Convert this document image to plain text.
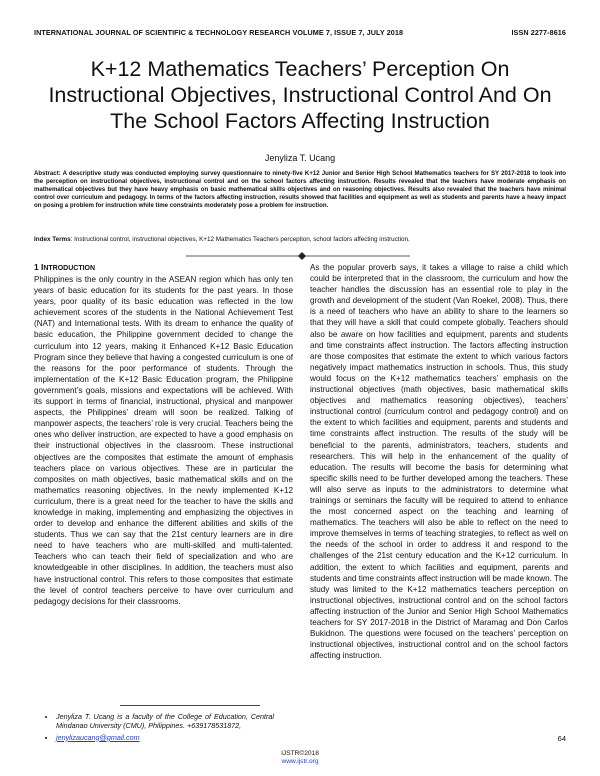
INTERNATIONAL JOURNAL OF SCIENTIFIC & TECHNOLOGY RESEARCH VOLUME 7, ISSUE 7, JULY 2018	ISSN 2277-8616
K+12 Mathematics Teachers’ Perception On Instructional Objectives, Instructional Control And On The School Factors Affecting Instruction
Jenyliza T. Ucang
Abstract: A descriptive study was conducted employing survey questionnaire to ninety-five K+12 Junior and Senior High School Mathematics teachers for SY 2017-2018 to look into the perception on instructional objectives, instructional control and on the school factors affecting instruction. Results revealed that the teachers have moderate emphasis on mathematical objectives but they have heavy emphasis on basic mathematical skills objectives and on reasoning objectives. Results also revealed that the teachers have minimal control over curriculum and pedagogy. In terms of the factors affecting instruction, results showed that facilities and equipment as well as students and parents have a heavy impact on posing a problem for instruction while time constraints moderately pose a problem for instruction.
Index Terms: Instructional control, instructional objectives, K+12 Mathematics Teachers perception, school factors affecting instruction.
1 INTRODUCTION

Philippines is the only country in the ASEAN region which has only ten years of basic education for its students for the past years. In those years, poor quality of its basic education was reflected in the low achievement scores of the students in the National Achievement Test (NAT) and International tests. With its dream to enhance the quality of basic education, the Philippine government decided to change the curriculum into 12 years, making it Enhanced K+12 Basic Education Program since they believe that having a congested curriculum is one of the reasons for the poor performance of students. Through the implementation of the K+12 Basic Education program, the Philippine government’s goals, missions and expectations will be achieved. With its support in terms of financial, instructional, physical and manpower aspects, the Philippines’ dream will soon be realized. Talking of manpower aspects, the teachers’ role is very crucial. Teachers being the ones who deliver instruction, are expected to have a good emphasis on their instructional objectives in the classroom. These instructional objectives are the composites that estimate the amount of emphasis teachers place on various objectives. These are in particular the composites on math objectives, basic mathematical skills and on the mathematics reasoning objectives. In the newly implemented K+12 curriculum, there is a great need for the teacher to have the skills and knowledge in making, implementing and emphasizing the objectives in order to develop and enhance the different abilities and skills of the students. Thus we can say that the 21st century learners are in dire need to have teachers who are multi-skilled and multi-talented. Teachers who can teach their field of specialization and who are knowledgeable in other disciplines. In addition, the teachers must also have instructional control. This refers to those composites that estimate the level of control teachers perceive to have over curriculum and pedagogy decisions for their classrooms.

As the popular proverb says, it takes a village to raise a child which could be interpreted that in the classroom, the curriculum and how the teacher handles the discussion has an essential role to play in the growth and development of the student (Van Roekel, 2008). Thus, there is a need of teachers who have an ability to share to the learners so that they will have a skill that could compete globally. Teachers should also be aware on how facilities and equipment, parents and students and time constraints affect instruction. The factors affecting instruction are those composites that estimate the extent to which various factors negatively impact mathematics instruction in schools. Thus, this study would focus on the K+12 mathematics teachers’ emphasis on the instructional objectives (math objectives, basic mathematical skills objectives and mathematics reasoning objectives), teachers’ instructional control (curriculum control and pedagogy control) and on the extent to which facilities and equipment, parents and students and time constraints affect instruction. The results of the study will be beneficial to the parents, administrators, teachers, students and researchers. This will help in the enhancement of the quality of education. The results will become the basis for determining what specific skills need to be further developed among the teachers. These will also serve as inputs to the administrators to determine what trainings or seminars the faculty will be required to attend to enhance the most concerned aspect on the teaching and learning of mathematics. The teachers will also be able to reflect on the need to improve themselves in terms of teaching strategies, to reflect as well on the needs of the school in order to address it and respond to the challenges of the 21st century education and the K+12 curriculum. In addition, the extent to which facilities and equipment, parents and students and time constraints affect instruction will be made known. The study was limited to the K+12 mathematics teachers perception on instructional objectives, instructional control and on the school factors affecting instruction of the Junior and Senior High School Mathematics teachers for SY 2017-2018 in the District of Maramag and Don Carlos Bukidnon. The questions were focused on the teachers’ perception on instructional objectives, instructional control and on the school factors affecting instruction.

• Jenyliza T. Ucang is a faculty of the College of Education, Central Mindanao University (CMU), Philippines. +639178531872,
• jenylizaucang@gmail.com	64
IJSTR©2018
www.ijstr.org
